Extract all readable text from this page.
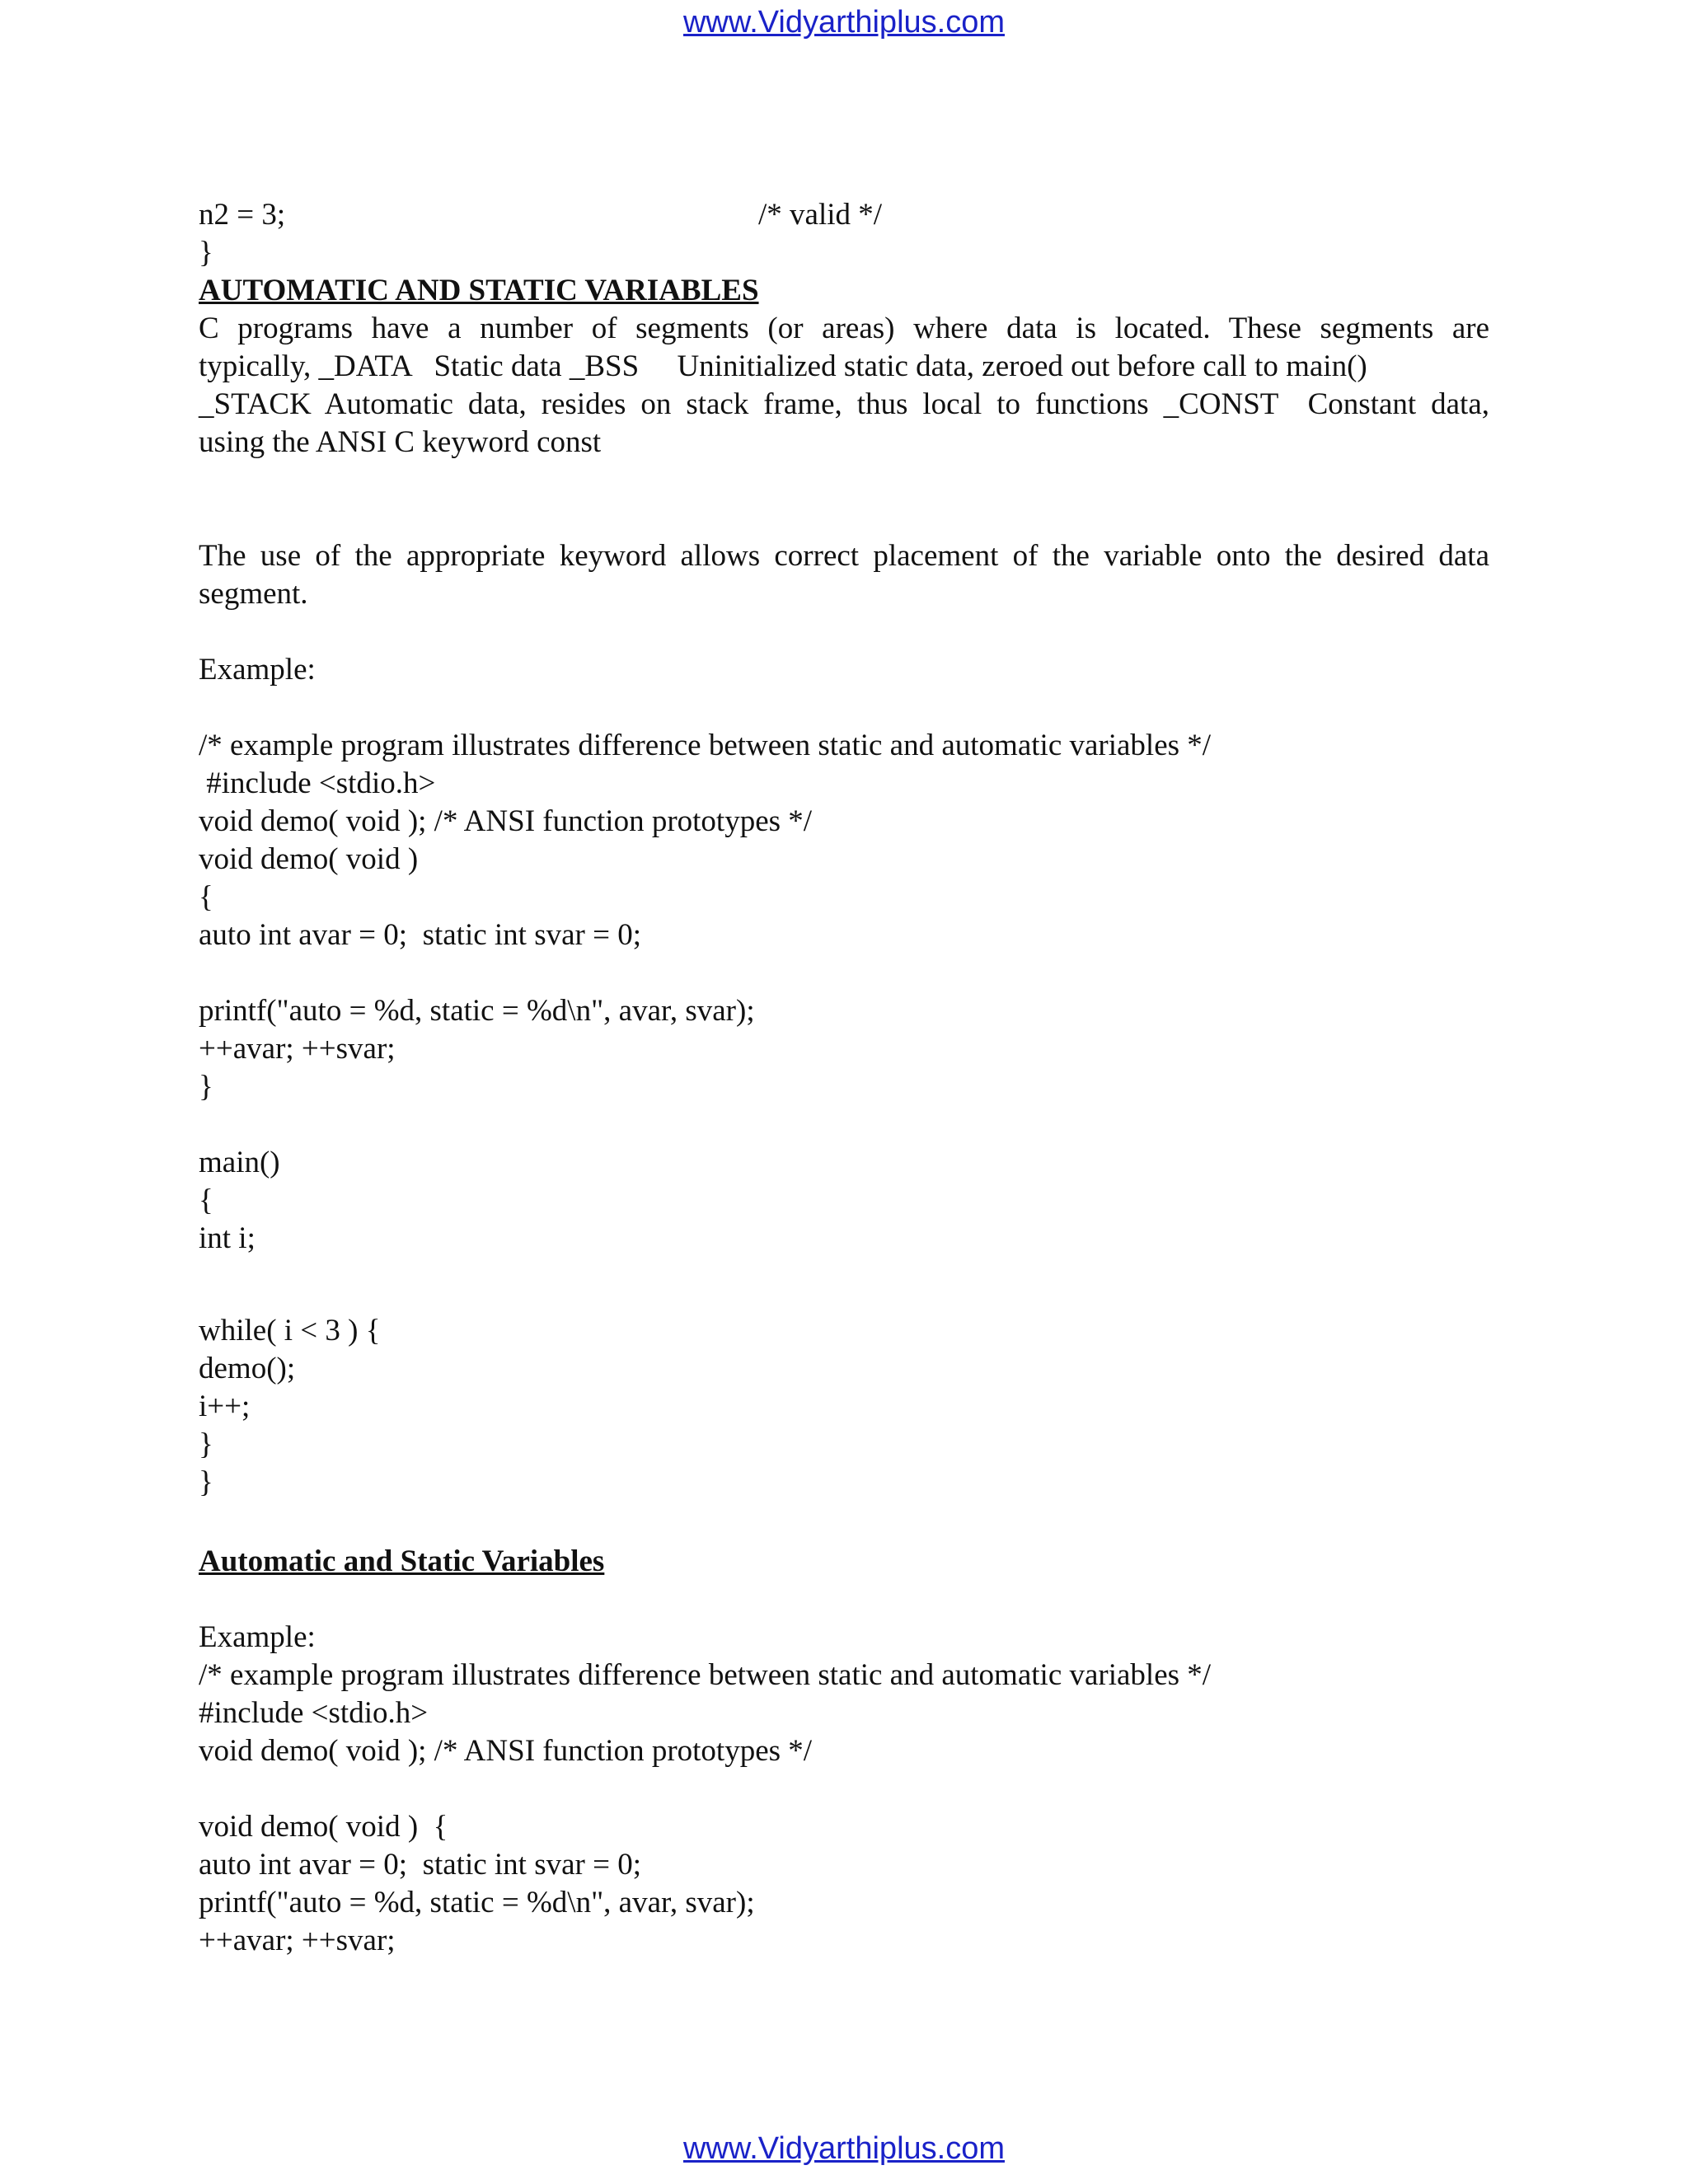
www.Vidyarthiplus.com
n2 = 3;	/* valid */
}
AUTOMATIC AND STATIC VARIABLES
C programs have a number of segments (or areas) where data is located. These segments are
typically, _DATA   Static data _BSS     Uninitialized static data, zeroed out before call to main()
_STACK Automatic data, resides on stack frame, thus local to functions _CONST  Constant data,
using the ANSI C keyword const
The use of the appropriate keyword allows correct placement of the variable onto the desired data
segment.
Example:
/* example program illustrates difference between static and automatic variables */
#include <stdio.h>
void demo( void ); /* ANSI function prototypes */
void demo( void )
{
auto int avar = 0;  static int svar = 0;
printf("auto = %d, static = %d\n", avar, svar);
++avar; ++svar;
}
main()
{
int i;
while( i < 3 ) {
demo();
i++;
}
}
Automatic and Static Variables
Example:
/* example program illustrates difference between static and automatic variables */
#include <stdio.h>
void demo( void ); /* ANSI function prototypes */
void demo( void )  {
auto int avar = 0;  static int svar = 0;
printf("auto = %d, static = %d\n", avar, svar);
++avar; ++svar;
www.Vidyarthiplus.com
